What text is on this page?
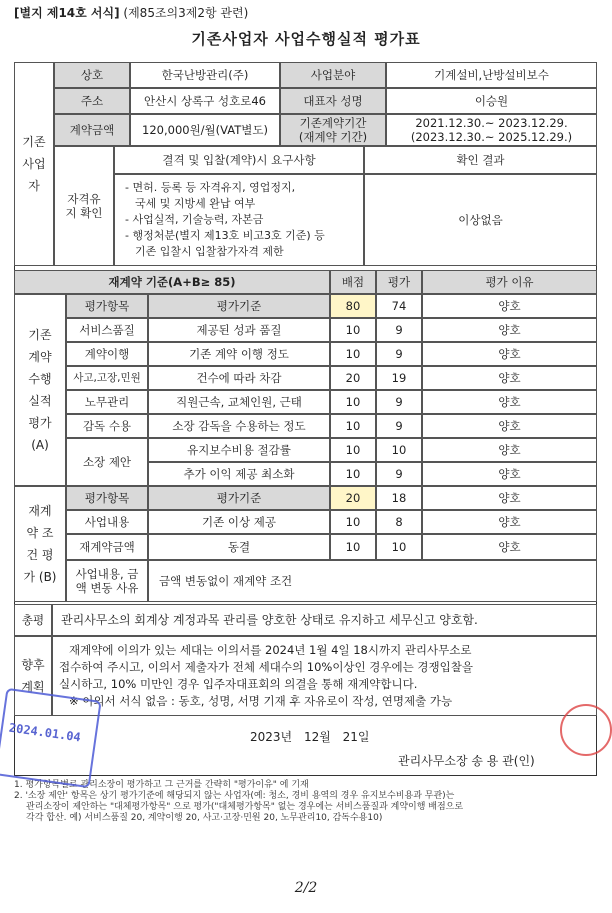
[별지 제14호 서식] (제85조의3제2항 관련)
기존사업자 사업수행실적 평가표
기존 사업자
상호	한국난방관리(주)	사업분야	기계설비,난방설비보수
주소	안산시 상록구 성호로46	대표자 성명	이승원
계약금액	120,000원/월(VAT별도)	기존계약기간
(재계약 기간)
2021.12.30.~ 2023.12.29.
(2023.12.30.~ 2025.12.29.)
자격유지 확인
결격 및 입찰(계약)시 요구사항	확인 결과
- 면허. 등록 등 자격유지, 영업정지,
국세 및 지방세 완납 여부
- 사업실적, 기술능력, 자본금
- 행정처분(별지 제13호 비고3호 기준) 등
기존 입찰시 입찰참가자격 제한
이상없음
재계약 기준(A+B≥ 85)	배점	평가	평가 이유
기존 계약 수행 실적 평가 (A)
평가항목	평가기준	80	74	양호
서비스품질	제공된 성과 품질	10	9	양호
계약이행	기존 계약 이행 정도	10	9	양호
사고,고장,민원	건수에 따라 차감	20	19	양호
노무관리	직원근속, 교체인원, 근태	10	9	양호
감독 수용	소장 감독을 수용하는 정도	10	9	양호
소장 제안
유지보수비용 절감률	10	10	양호
추가 이익 제공 최소화	10	9	양호
재계약 조건 평가 (B)
평가항목	평가기준	20	18	양호
사업내용	기존 이상 제공	10	8	양호
재계약금액	동결	10	10	양호
사업내용, 금액 변동 사유	금액 변동없이 재계약 조건
총평	관리사무소의 회계상 계정과목 관리를 양호한 상태로 유지하고 세무신고 양호함.
향후 계획
재계약에 이의가 있는 세대는 이의서를 2024년 1월 4일 18시까지 관리사무소로
접수하여 주시고, 이의서 제출자가 전체 세대수의 10%이상인 경우에는 경쟁입찰을
실시하고, 10% 미만인 경우 입주자대표회의 의결을 통해 재계약합니다.
※ 이의서 서식 없음 : 동호, 성명, 서명 기재 후 자유로이 작성, 연명제출 가능
2023년 12월 21일
관리사무소장 송 용 관(인)
1. 평가항목별로 관리소장이 평가하고 그 근거를 간략히 "평가이유" 에 기재
2. '소장 제안' 항목은 상기 평가기준에 해당되지 않는 사업자(예: 청소, 경비 용역의 경우 유지보수비용과 무관)는
관리소장이 제안하는 "대체평가항목" 으로 평가("대체평가항목" 없는 경우에는 서비스품질과 계약이행 배점으로
각각 합산. 예) 서비스품질 20, 계약이행 20, 사고·고장·민원 20, 노무관리10, 감독수용10)
2024.01.04
2/2
